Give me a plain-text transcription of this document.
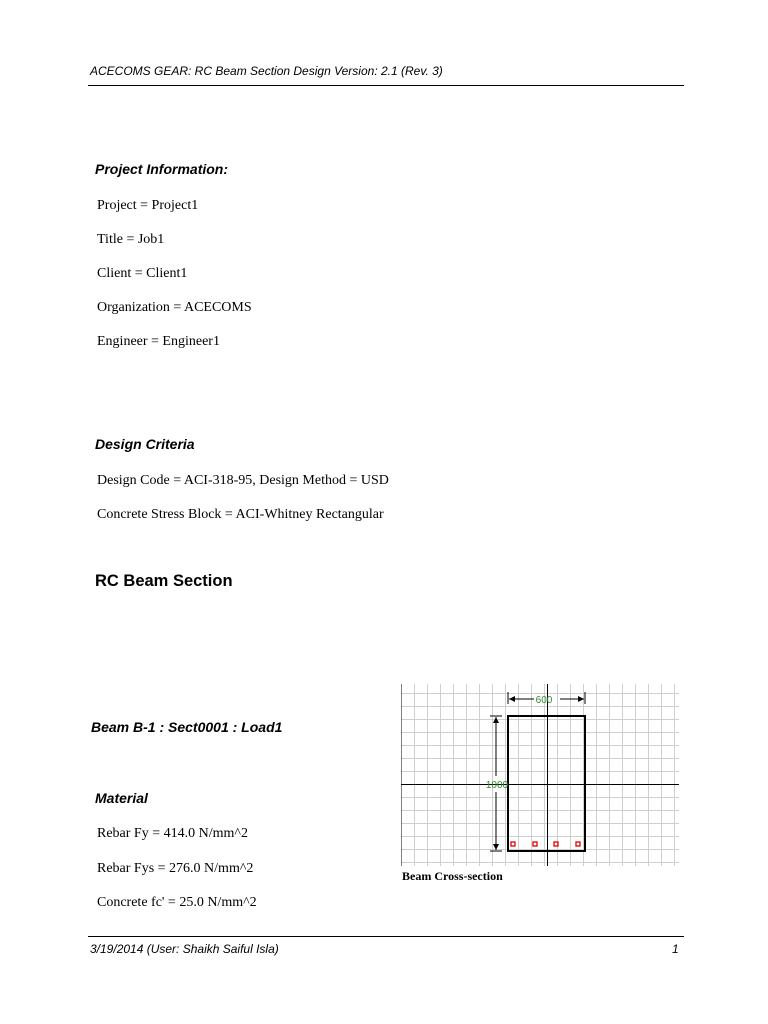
ACECOMS GEAR: RC Beam Section Design Version: 2.1 (Rev. 3)
Project Information:
Project = Project1
Title = Job1
Client = Client1
Organization = ACECOMS
Engineer = Engineer1
Design Criteria
Design Code = ACI-318-95, Design Method = USD
Concrete Stress Block = ACI-Whitney Rectangular
RC Beam Section
Beam B-1 : Sect0001 : Load1
Material
Rebar Fy = 414.0 N/mm^2
Rebar Fys = 276.0 N/mm^2
Concrete fc' = 25.0 N/mm^2
600
1000
Beam Cross-section
3/19/2014 (User: Shaikh Saiful Isla)	1
